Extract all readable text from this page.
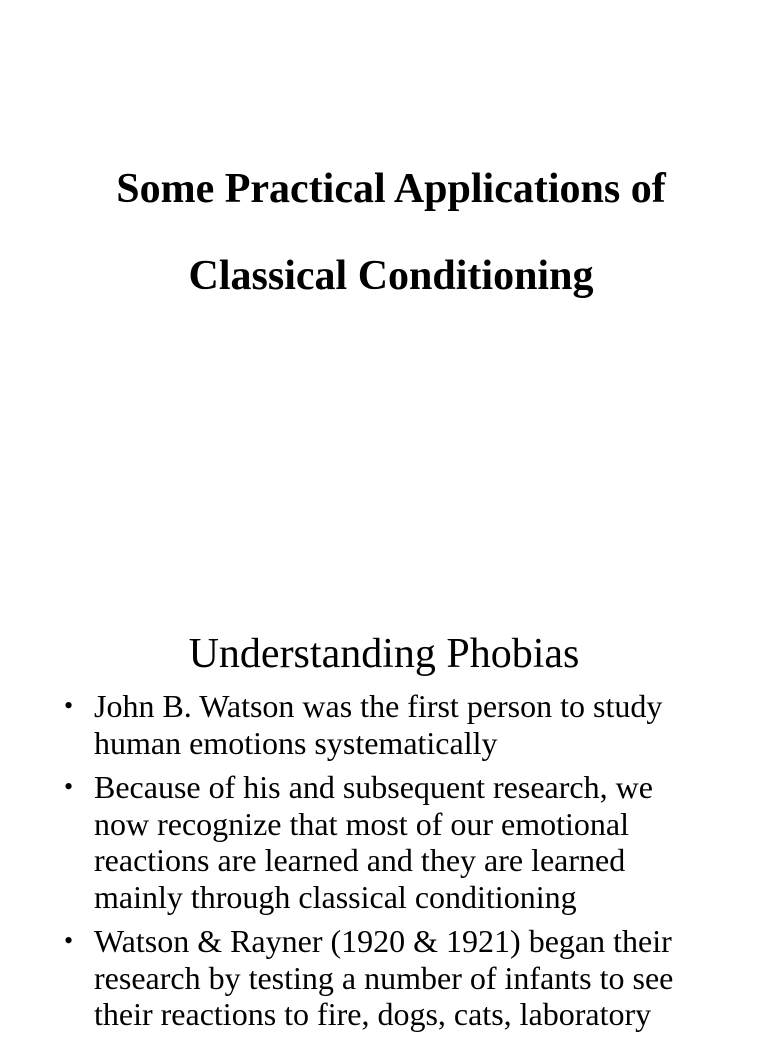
Some Practical Applications of
Classical Conditioning
Understanding Phobias
• John B. Watson was the first person to study
human emotions systematically
• Because of his and subsequent research, we
now recognize that most of our emotional
reactions are learned and they are learned
mainly through classical conditioning
• Watson & Rayner (1920 & 1921) began their
research by testing a number of infants to see
their reactions to fire, dogs, cats, laboratory
